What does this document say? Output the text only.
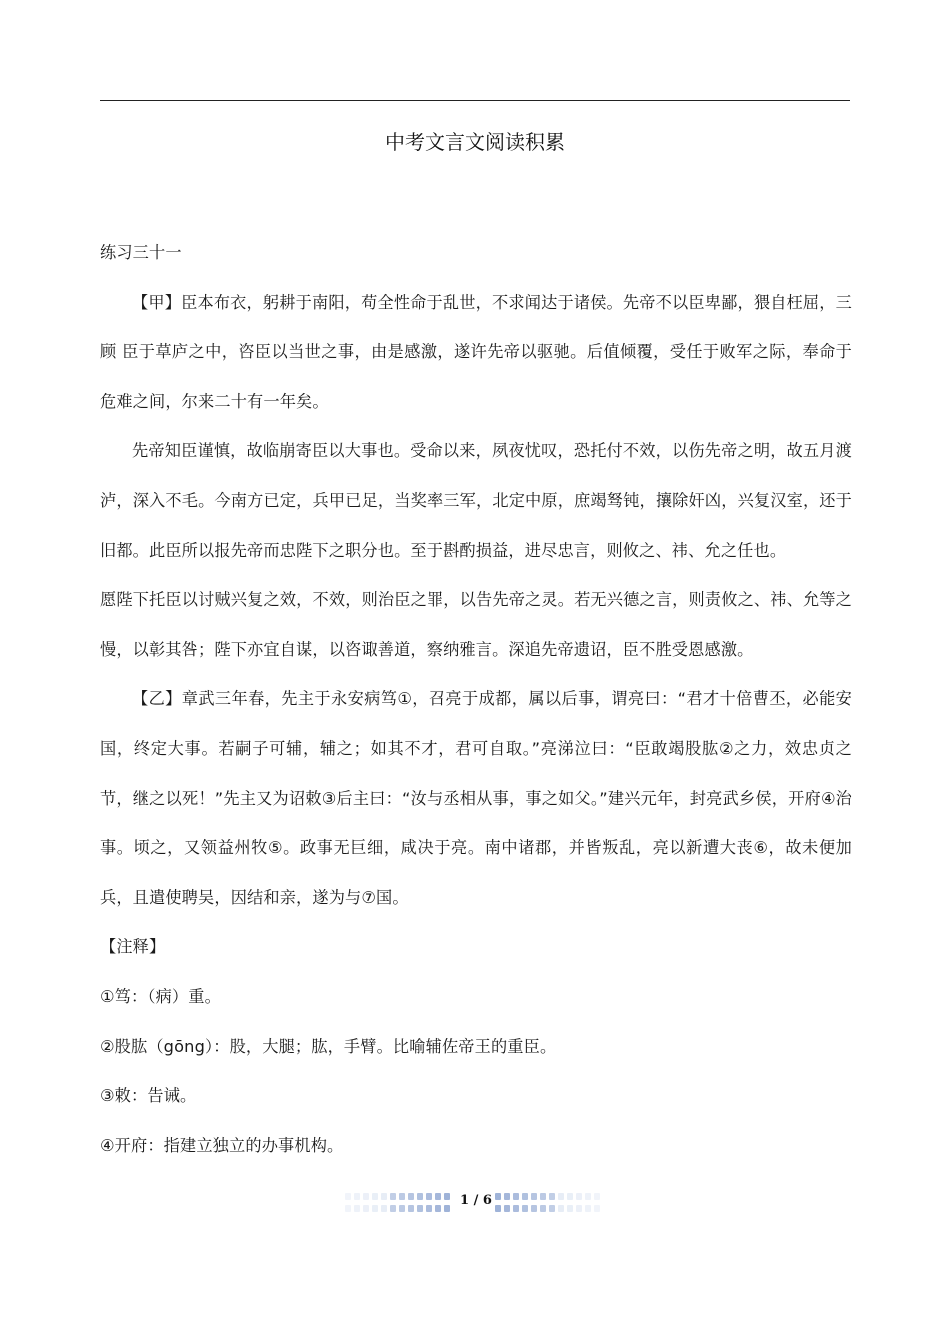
中考文言文阅读积累

练习三十一

【甲】臣本布衣，躬耕于南阳，苟全性命于乱世，不求闻达于诸侯。先帝不以臣卑鄙，猥自枉屈，三顾 臣于草庐之中，咨臣以当世之事，由是感激，遂许先帝以驱驰。后值倾覆，受任于败军之际，奉命于危难之间，尔来二十有一年矣。

先帝知臣谨慎，故临崩寄臣以大事也。受命以来，夙夜忧叹，恐托付不效，以伤先帝之明，故五月渡泸，深入不毛。今南方已定，兵甲已足，当奖率三军，北定中原，庶竭驽钝，攘除奸凶，兴复汉室，还于旧都。此臣所以报先帝而忠陛下之职分也。至于斟酌损益，进尽忠言，则攸之、祎、允之任也。

愿陛下托臣以讨贼兴复之效，不效，则治臣之罪，以告先帝之灵。若无兴德之言，则责攸之、祎、允等之慢，以彰其咎；陛下亦宜自谋，以咨诹善道，察纳雅言。深追先帝遗诏，臣不胜受恩感激。

【乙】章武三年春，先主于永安病笃①，召亮于成都，属以后事，谓亮曰：“君才十倍曹丕，必能安国，终定大事。若嗣子可辅，辅之；如其不才，君可自取。”亮涕泣曰：“臣敢竭股肱②之力，效忠贞之节，继之以死！”先主又为诏敕③后主曰：“汝与丞相从事，事之如父。”建兴元年，封亮武乡侯，开府④治事。顷之，又领益州牧⑤。政事无巨细，咸决于亮。南中诸郡，并皆叛乱，亮以新遭大丧⑥，故未便加兵，且遣使聘吴，因结和亲，遂为与⑦国。

【注释】

①笃：（病）重。

②股肱（gōng）：股，大腿；肱，手臂。比喻辅佐帝王的重臣。

③敕：告诫。

④开府：指建立独立的办事机构。

1 / 6
